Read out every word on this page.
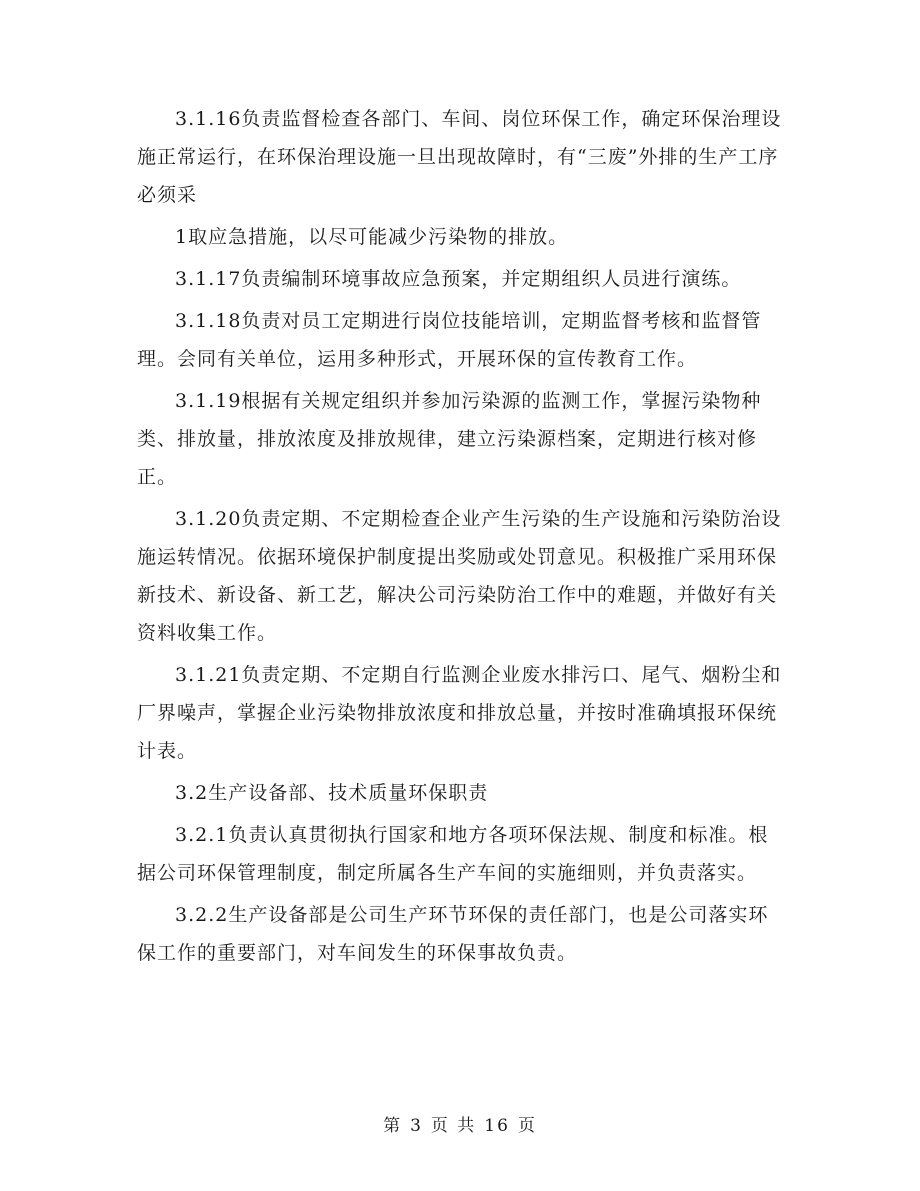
3.1.16负责监督检查各部门、车间、岗位环保工作，确定环保治理设施正常运行，在环保治理设施一旦出现故障时，有“三废”外排的生产工序必须采

1取应急措施，以尽可能减少污染物的排放。

3.1.17负责编制环境事故应急预案，并定期组织人员进行演练。

3.1.18负责对员工定期进行岗位技能培训，定期监督考核和监督管理。会同有关单位，运用多种形式，开展环保的宣传教育工作。

3.1.19根据有关规定组织并参加污染源的监测工作，掌握污染物种类、排放量，排放浓度及排放规律，建立污染源档案，定期进行核对修正。

3.1.20负责定期、不定期检查企业产生污染的生产设施和污染防治设施运转情况。依据环境保护制度提出奖励或处罚意见。积极推广采用环保新技术、新设备、新工艺，解决公司污染防治工作中的难题，并做好有关资料收集工作。

3.1.21负责定期、不定期自行监测企业废水排污口、尾气、烟粉尘和厂界噪声，掌握企业污染物排放浓度和排放总量，并按时准确填报环保统计表。

3.2生产设备部、技术质量环保职责

3.2.1负责认真贯彻执行国家和地方各项环保法规、制度和标准。根据公司环保管理制度，制定所属各生产车间的实施细则，并负责落实。

3.2.2生产设备部是公司生产环节环保的责任部门，也是公司落实环保工作的重要部门，对车间发生的环保事故负责。

第 3 页 共 16 页
